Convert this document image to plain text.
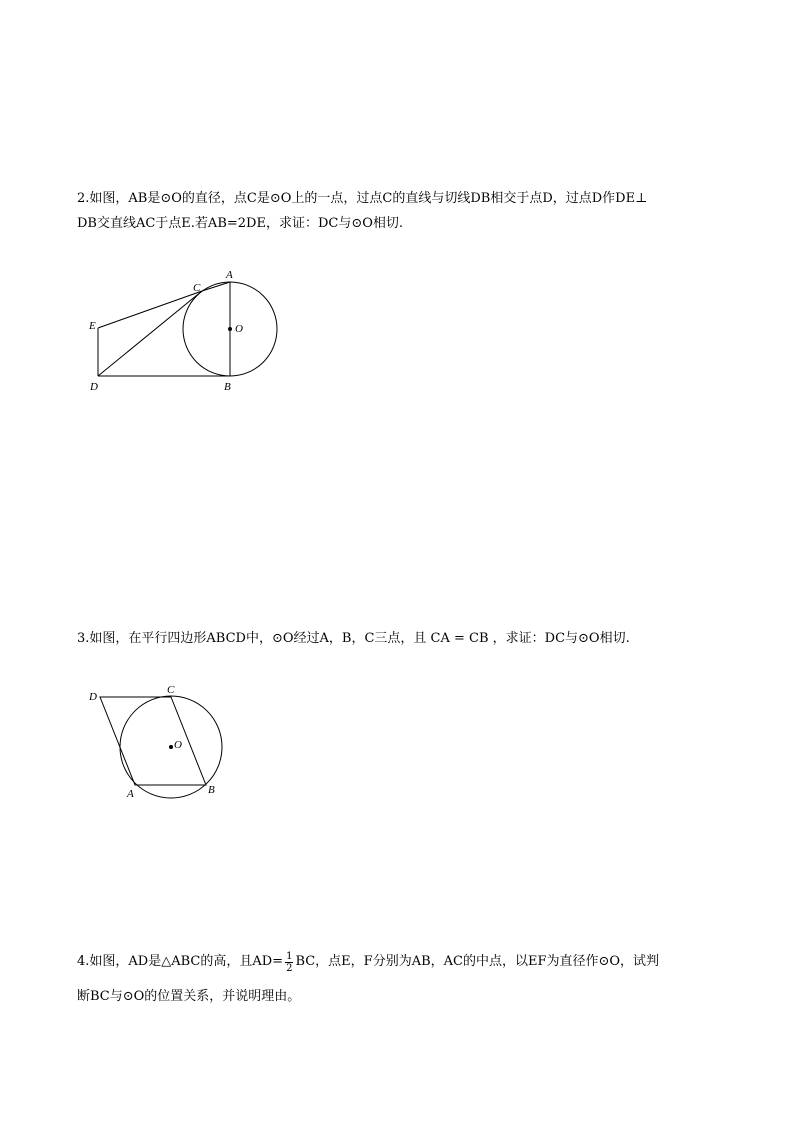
2.如图，AB是⊙O的直径，点C是⊙O上的一点，过点C的直线与切线DB相交于点D，过点D作DE⊥
DB交直线AC于点E.若AB=2DE，求证：DC与⊙O相切.
A
B
C
D
E	O
3.如图，在平行四边形ABCD中，⊙O经过A，B，C三点，且 CA = CB ，求证：DC与⊙O相切.
D
C
A	B
O
4. 如图，AD是△ABC的高，且$AD= \frac{1}{2}$ BC，点E，F分别为AB，AC的中点，以EF为直径作⊙O，试判
断BC与⊙O的位置关系，并说明理由。
